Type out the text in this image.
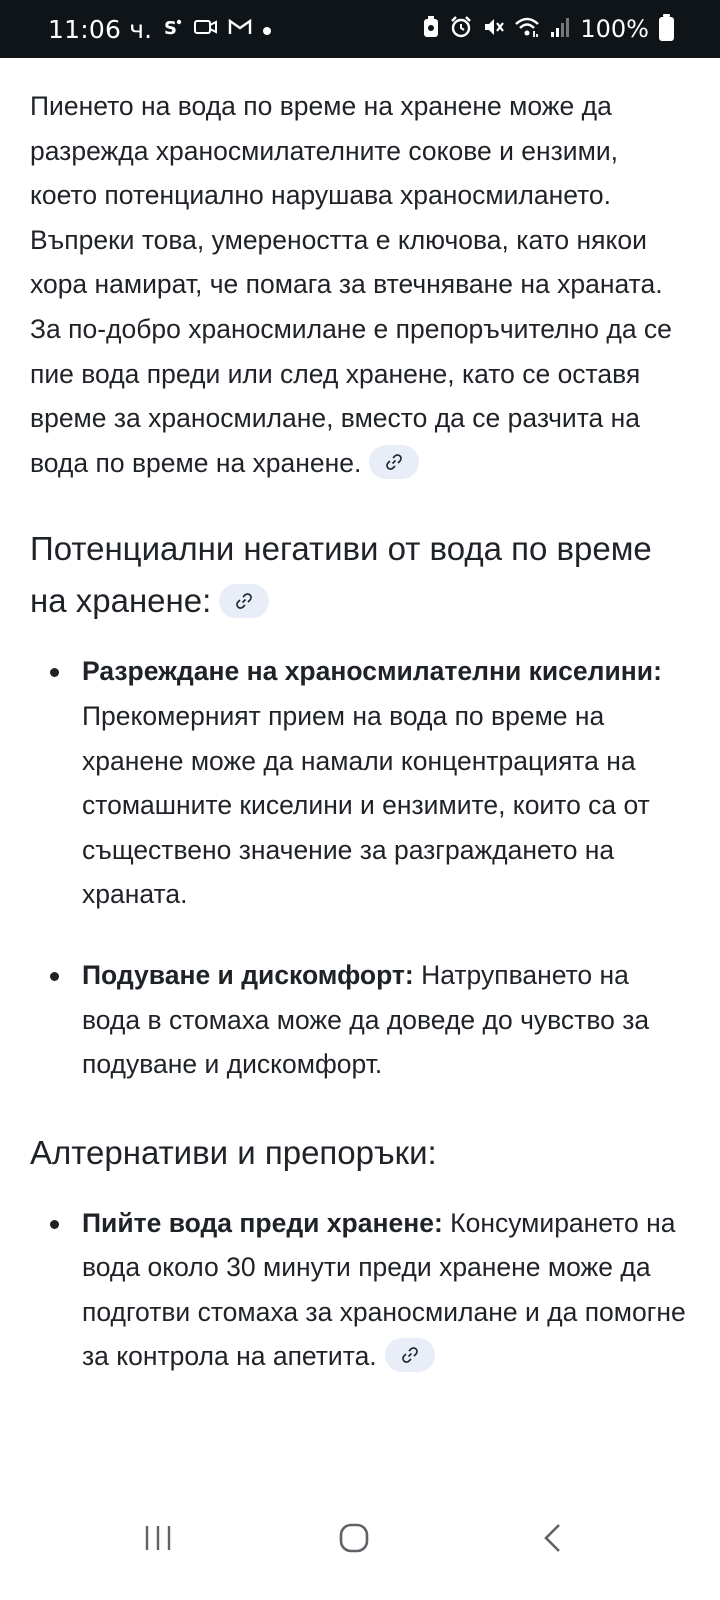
11:06 ч. S	100%

Пиенето на вода по време на хранене може да разрежда храносмилателните сокове и ензими, което потенциално нарушава храносмилането. Въпреки това, умереността е ключова, като някои хора намират, че помага за втечняване на храната. За по-добро храносмилане е препоръчително да се пие вода преди или след хранене, като се оставя време за храносмилане, вместо да се разчита на вода по време на хранене.

Потенциални негативи от вода по време на хранене:
Разреждане на храносмилателни киселини: Прекомерният прием на вода по време на хранене може да намали концентрацията на стомашните киселини и ензимите, които са от съществено значение за разграждането на храната.
Подуване и дискомфорт: Натрупването на вода в стомаха може да доведе до чувство за подуване и дискомфорт.
Алтернативи и препоръки:
Пийте вода преди хранене: Консумирането на вода около 30 минути преди хранене може да подготви стомаха за храносмилане и да помогне за контрола на апетита.
